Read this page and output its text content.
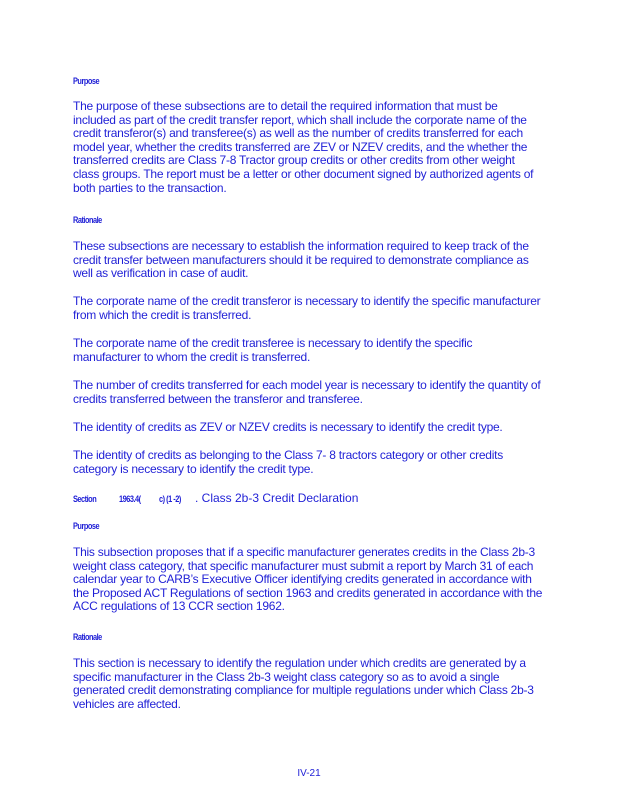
Purpose
The purpose of these subsections are to detail the required information that must be included as part of the credit transfer report, which shall include the corporate name of the credit transferor(s) and transferee(s) as well as the number of credits transferred for each model year, whether the credits transferred are ZEV or NZEV credits, and the whether the transferred credits are Class 7-8 Tractor group credits or other credits from other weight class groups. The report must be a letter or other document signed by authorized agents of both parties to the transaction.
Rationale
These subsections are necessary to establish the information required to keep track of the credit transfer between manufacturers should it be required to demonstrate compliance as well as verification in case of audit.
The corporate name of the credit transferor is necessary to identify the specific manufacturer from which the credit is transferred.
The corporate name of the credit transferee is necessary to identify the specific manufacturer to whom the credit is transferred.
The number of credits transferred for each model year is necessary to identify the quantity of credits transferred between the transferor and transferee.
The identity of credits as ZEV or NZEV credits is necessary to identify the credit type.
The identity of credits as belonging to the Class 7- 8 tractors category or other credits category is necessary to identify the credit type.
Section	1963.4( c) (1 -2) . Class 2b-3 Credit Declaration
Purpose
This subsection proposes that if a specific manufacturer generates credits in the Class 2b-3 weight class category, that specific manufacturer must submit a report by March 31 of each calendar year to CARB’s Executive Officer identifying credits generated in accordance with the Proposed ACT Regulations of section 1963 and credits generated in accordance with the ACC regulations of 13 CCR section 1962.
Rationale
This section is necessary to identify the regulation under which credits are generated by a specific manufacturer in the Class 2b-3 weight class category so as to avoid a single generated credit demonstrating compliance for multiple regulations under which Class 2b-3 vehicles are affected.
IV-21
